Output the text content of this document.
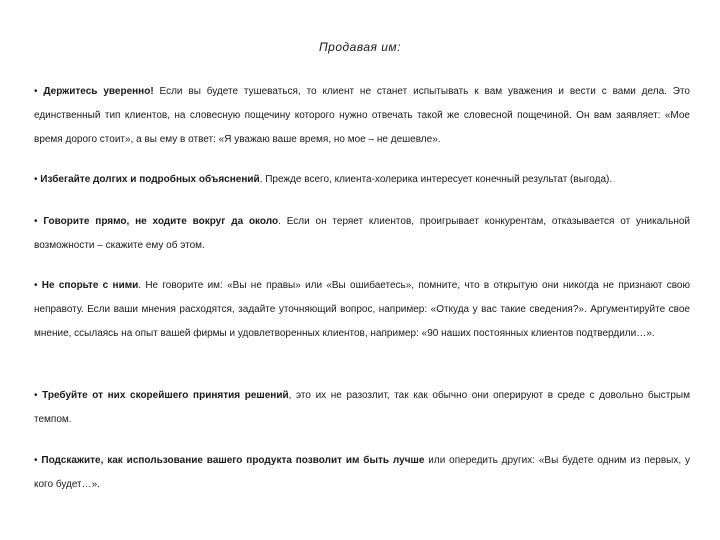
Продавая им:

• Держитесь уверенно! Если вы будете тушеваться, то клиент не станет испытывать к вам уважения и вести с вами дела. Это единственный тип клиентов, на словесную пощечину которого нужно отвечать такой же словесной пощечиной. Он вам заявляет: «Мое время дорого стоит», а вы ему в ответ: «Я уважаю ваше время, но мое – не дешевле».

• Избегайте долгих и подробных объяснений. Прежде всего, клиента-холерика интересует конечный результат (выгода).

• Говорите прямо, не ходите вокруг да около. Если он теряет клиентов, проигрывает конкурентам, отказывается от уникальной возможности – скажите ему об этом.

• Не спорьте с ними. Не говорите им: «Вы не правы» или «Вы ошибаетесь», помните, что в открытую они никогда не признают свою неправоту. Если ваши мнения расходятся, задайте уточняющий вопрос, например: «Откуда у вас такие сведения?». Аргументируйте свое мнение, ссылаясь на опыт вашей фирмы и удовлетворенных клиентов, например: «90 наших постоянных клиентов подтвердили…».

• Требуйте от них скорейшего принятия решений, это их не разозлит, так как обычно они оперируют в среде с довольно быстрым темпом.

• Подскажите, как использование вашего продукта позволит им быть лучше или опередить других: «Вы будете одним из первых, у кого будет…».
